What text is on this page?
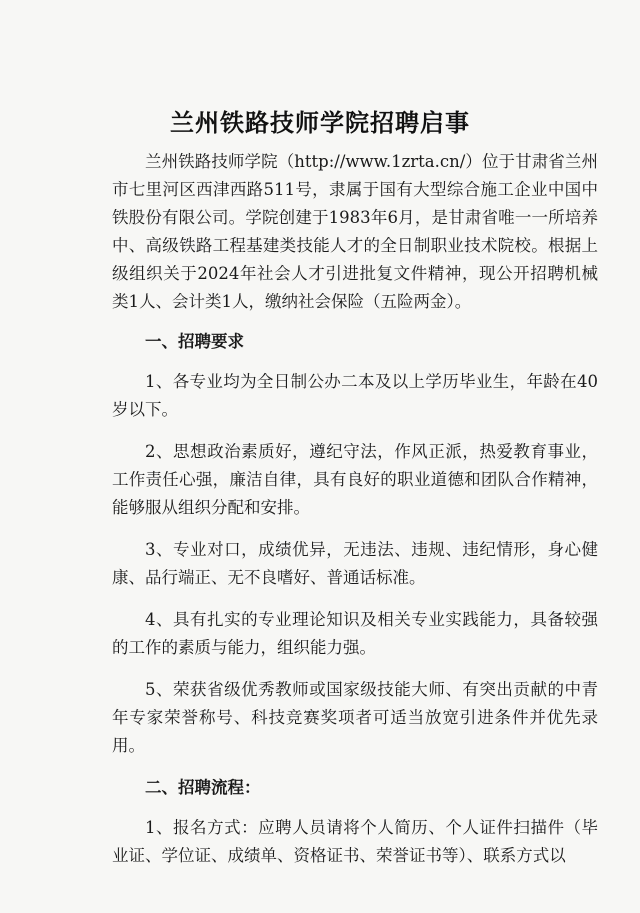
兰州铁路技师学院招聘启事

兰州铁路技师学院（http://www.1zrta.cn/）位于甘肃省兰州市七里河区西津西路511号，隶属于国有大型综合施工企业中国中铁股份有限公司。学院创建于1983年6月，是甘肃省唯一一所培养中、高级铁路工程基建类技能人才的全日制职业技术院校。根据上级组织关于2024年社会人才引进批复文件精神，现公开招聘机械类1人、会计类1人，缴纳社会保险（五险两金）。

一、招聘要求

1、各专业均为全日制公办二本及以上学历毕业生，年龄在40岁以下。

2、思想政治素质好，遵纪守法，作风正派，热爱教育事业，工作责任心强，廉洁自律，具有良好的职业道德和团队合作精神，能够服从组织分配和安排。

3、专业对口，成绩优异，无违法、违规、违纪情形，身心健康、品行端正、无不良嗜好、普通话标准。

4、具有扎实的专业理论知识及相关专业实践能力，具备较强的工作的素质与能力，组织能力强。

5、荣获省级优秀教师或国家级技能大师、有突出贡献的中青年专家荣誉称号、科技竞赛奖项者可适当放宽引进条件并优先录用。

二、招聘流程：

1、报名方式：应聘人员请将个人简历、个人证件扫描件（毕业证、学位证、成绩单、资格证书、荣誉证书等）、联系方式以
